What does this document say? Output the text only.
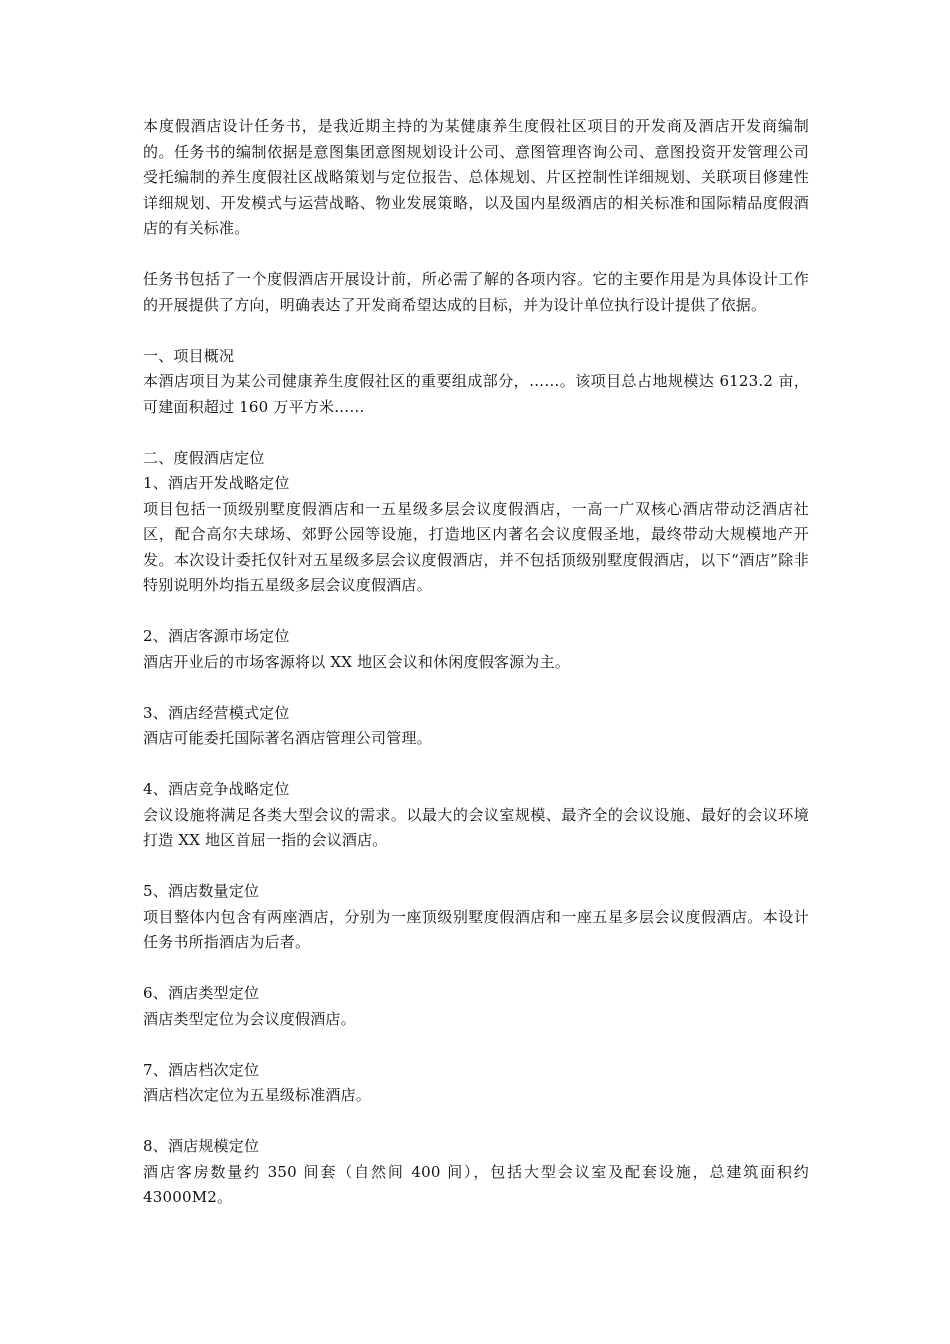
本度假酒店设计任务书，是我近期主持的为某健康养生度假社区项目的开发商及酒店开发商编制的。任务书的编制依据是意图集团意图规划设计公司、意图管理咨询公司、意图投资开发管理公司受托编制的养生度假社区战略策划与定位报告、总体规划、片区控制性详细规划、关联项目修建性详细规划、开发模式与运营战略、物业发展策略，以及国内星级酒店的相关标准和国际精品度假酒店的有关标准。

任务书包括了一个度假酒店开展设计前，所必需了解的各项内容。它的主要作用是为具体设计工作的开展提供了方向，明确表达了开发商希望达成的目标，并为设计单位执行设计提供了依据。

一、项目概况

本酒店项目为某公司健康养生度假社区的重要组成部分，……。该项目总占地规模达 6123.2 亩，可建面积超过 160 万平方米……

二、度假酒店定位

1、酒店开发战略定位

项目包括一顶级别墅度假酒店和一五星级多层会议度假酒店，一高一广双核心酒店带动泛酒店社区，配合高尔夫球场、郊野公园等设施，打造地区内著名会议度假圣地，最终带动大规模地产开发。本次设计委托仅针对五星级多层会议度假酒店，并不包括顶级别墅度假酒店，以下“酒店”除非特别说明外均指五星级多层会议度假酒店。

2、酒店客源市场定位

酒店开业后的市场客源将以 XX 地区会议和休闲度假客源为主。

3、酒店经营模式定位

酒店可能委托国际著名酒店管理公司管理。

4、酒店竞争战略定位

会议设施将满足各类大型会议的需求。以最大的会议室规模、最齐全的会议设施、最好的会议环境打造 XX 地区首屈一指的会议酒店。

5、酒店数量定位

项目整体内包含有两座酒店，分别为一座顶级别墅度假酒店和一座五星多层会议度假酒店。本设计任务书所指酒店为后者。

6、酒店类型定位

酒店类型定位为会议度假酒店。

7、酒店档次定位

酒店档次定位为五星级标准酒店。

8、酒店规模定位

酒店客房数量约 350 间套（自然间 400 间），包括大型会议室及配套设施，总建筑面积约 43000M2。
